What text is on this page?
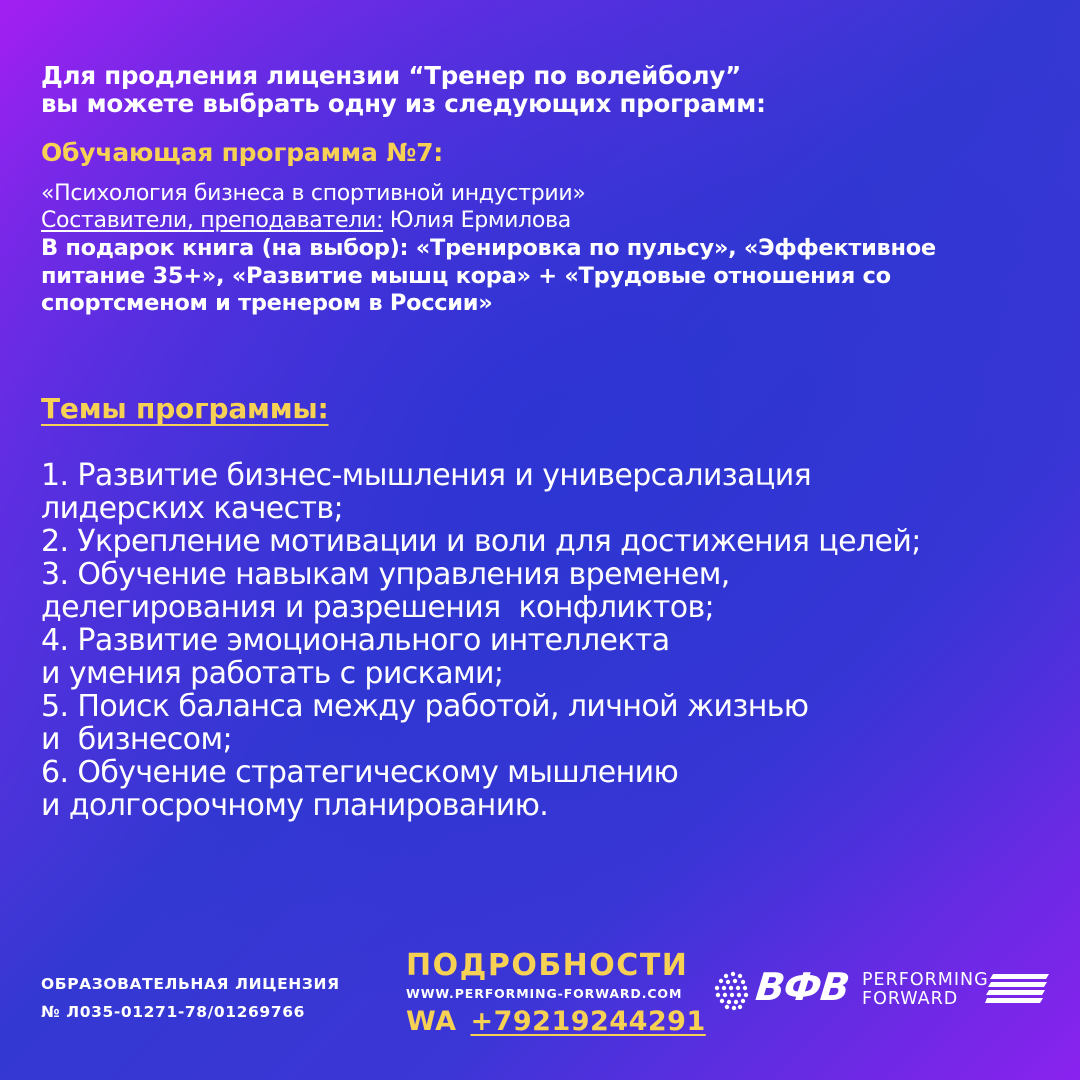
Для продления лицензии “Тренер по волейболу”
вы можете выбрать одну из следующих программ:
Обучающая программа №7:
«Психология бизнеса в спортивной индустрии»
Составители, преподаватели: Юлия Ермилова
В подарок книга (на выбор): «Тренировка по пульсу», «Эффективное
питание 35+», «Развитие мышц кора» + «Трудовые отношения со
спортсменом и тренером в России»
Темы программы:
1. Развитие бизнес-мышления и универсализация
лидерских качеств;
2. Укрепление мотивации и воли для достижения целей;
3. Обучение навыкам управления временем,
делегирования и разрешения  конфликтов;
4. Развитие эмоционального интеллекта
и умения работать с рисками;
5. Поиск баланса между работой, личной жизнью
и  бизнесом;
6. Обучение стратегическому мышлению
и долгосрочному планированию.
ОБРАЗОВАТЕЛЬНАЯ ЛИЦЕНЗИЯ
№ Л035-01271-78/01269766
ПОДРОБНОСТИ
WWW.PERFORMING-FORWARD.COM
WA +79219244291
ВФВ PERFORMING
FORWARD
